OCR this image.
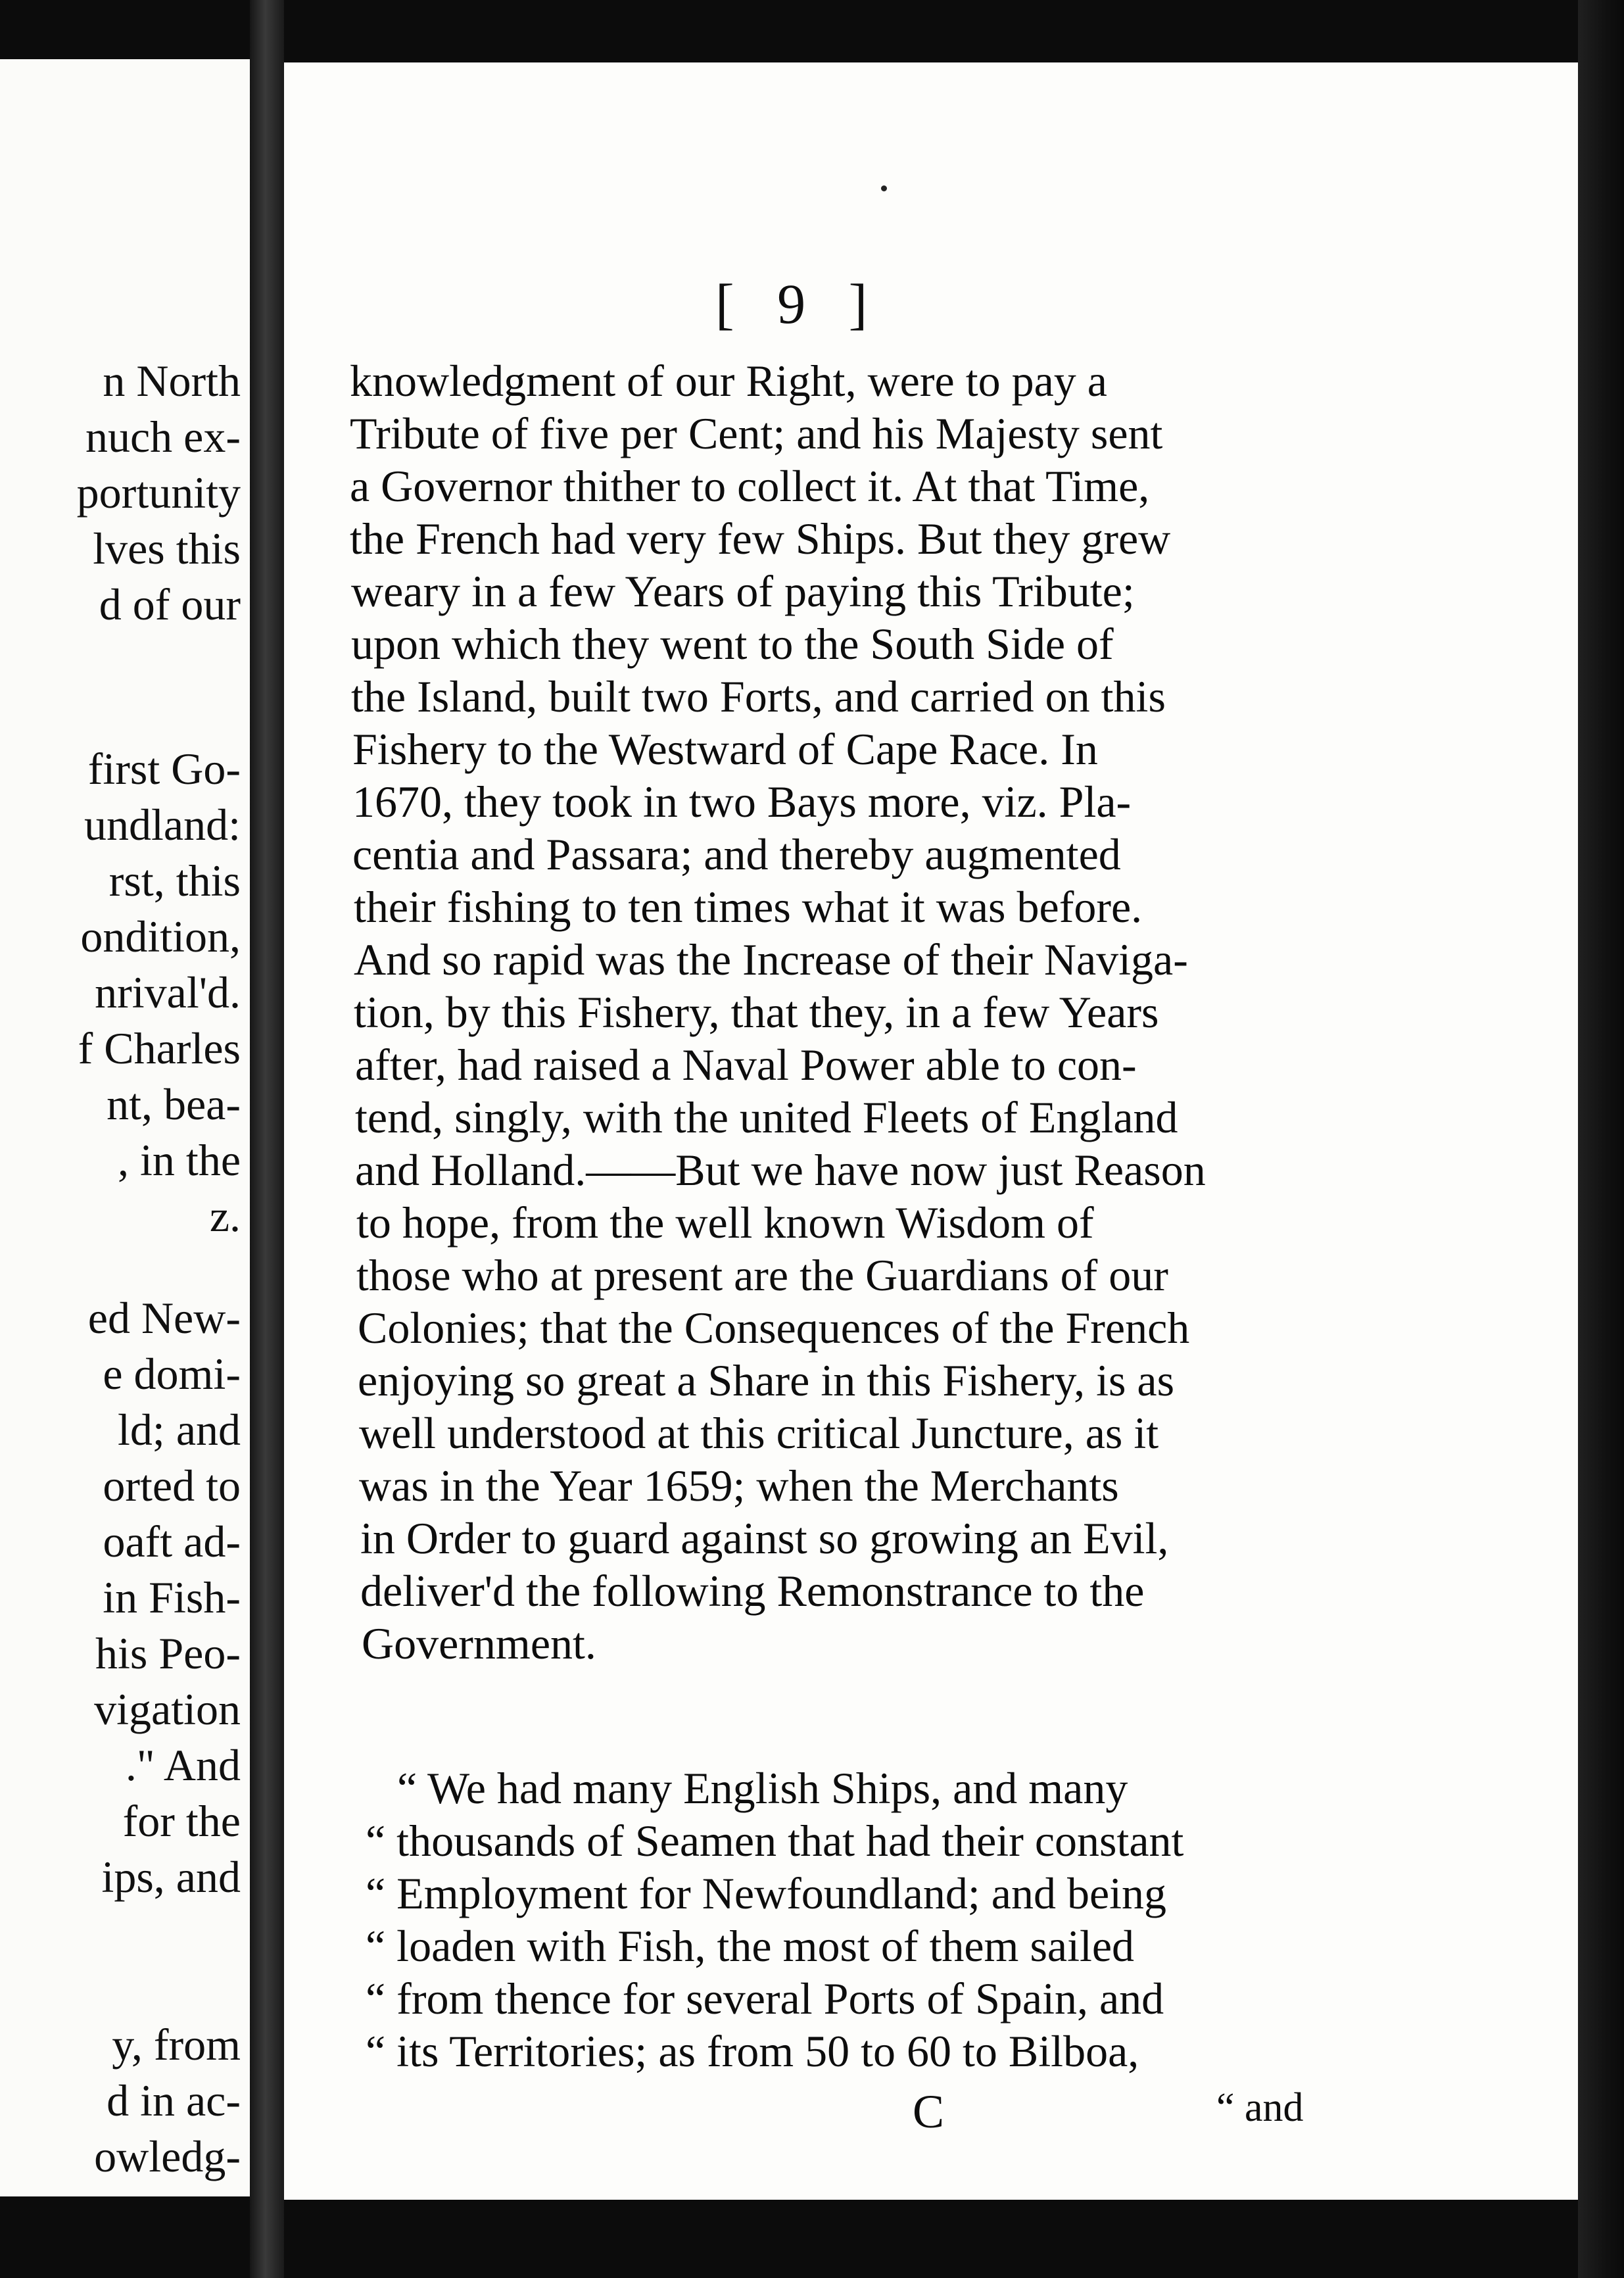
n North
nuch ex-
portunity
lves this
d of our
first Go-
undland:
rst, this
ondition,
nrival'd.
f Charles
nt, bea-
, in the
z.
ed New-
e domi-
ld; and
orted to
oaft ad-
in Fish-
his Peo-
vigation
." And
for the
ips, and
y, from
d in ac-
owledg-
[ 9 ]
knowledgment of our Right, were to pay a
Tribute of five per Cent; and his Majesty sent
a Governor thither to collect it. At that Time,
the French had very few Ships. But they grew
weary in a few Years of paying this Tribute;
upon which they went to the South Side of
the Island, built two Forts, and carried on this
Fishery to the Westward of Cape Race. In
1670, they took in two Bays more, viz. Pla-
centia and Passara; and thereby augmented
their fishing to ten times what it was before.
And so rapid was the Increase of their Naviga-
tion, by this Fishery, that they, in a few Years
after, had raised a Naval Power able to con-
tend, singly, with the united Fleets of England
and Holland.——But we have now just Reason
to hope, from the well known Wisdom of
those who at present are the Guardians of our
Colonies; that the Consequences of the French
enjoying so great a Share in this Fishery, is as
well understood at this critical Juncture, as it
was in the Year 1659; when the Merchants
in Order to guard against so growing an Evil,
deliver'd the following Remonstrance to the
Government.
“ We had many English Ships, and many
“ thousands of Seamen that had their constant
“ Employment for Newfoundland; and being
“ loaden with Fish, the most of them sailed
“ from thence for several Ports of Spain, and
“ its Territories; as from 50 to 60 to Bilboa,
C	“ and
